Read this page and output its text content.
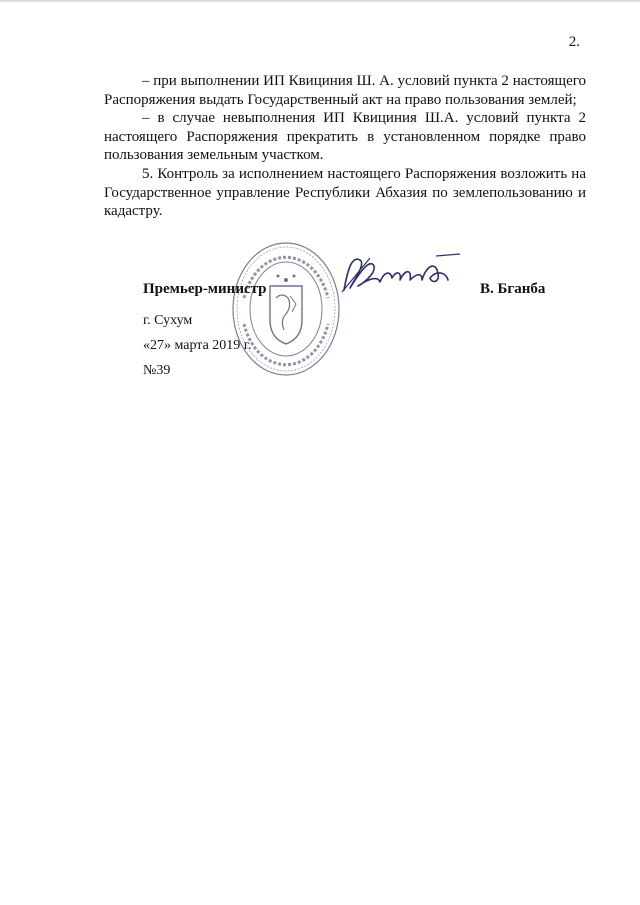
2.

– при выполнении ИП Квициния Ш. А. условий пункта 2 настоящего Распоряжения выдать Государственный акт на право пользования землей;

– в случае невыполнения ИП Квициния Ш.А. условий пункта 2 настоящего Распоряжения прекратить в установленном порядке право пользования земельным участком.

5. Контроль за исполнением настоящего Распоряжения возложить на Государственное управление Республики Абхазия по землепользованию и кадастру.

Премьер-министр	В. Бганба
г. Сухум
«27» марта 2019 г.
№39
